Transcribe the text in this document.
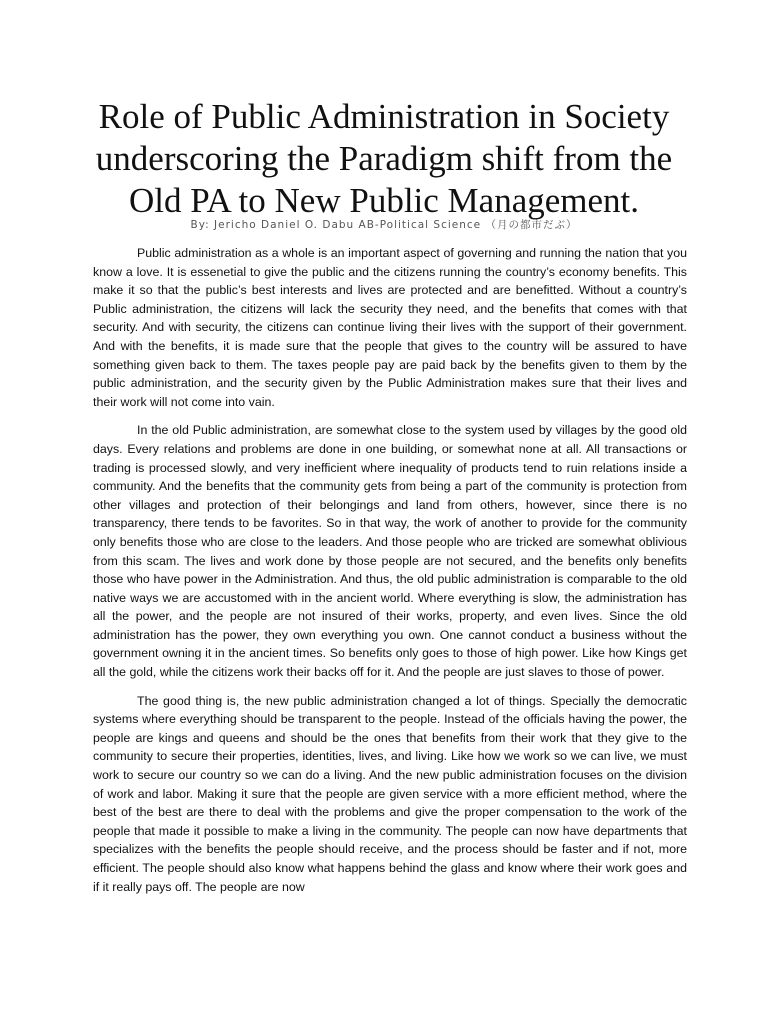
Role of Public Administration in Society
underscoring the Paradigm shift from the
Old PA to New Public Management.
By: Jericho Daniel O. Dabu AB-Political Science （月の都市だぶ）

Public administration as a whole is an important aspect of governing and running the nation that you know a love. It is essenetial to give the public and the citizens running the country’s economy benefits. This make it so that the public’s best interests and lives are protected and are benefitted. Without a country’s Public administration, the citizens will lack the security they need, and the benefits that comes with that security. And with security, the citizens can continue living their lives with the support of their government. And with the benefits, it is made sure that the people that gives to the country will be assured to have something given back to them. The taxes people pay are paid back by the benefits given to them by the public administration, and the security given by the Public Administration makes sure that their lives and their work will not come into vain.

In the old Public administration, are somewhat close to the system used by villages by the good old days. Every relations and problems are done in one building, or somewhat none at all. All transactions or trading is processed slowly, and very inefficient where inequality of products tend to ruin relations inside a community. And the benefits that the community gets from being a part of the community is protection from other villages and protection of their belongings and land from others, however, since there is no transparency, there tends to be favorites. So in that way, the work of another to provide for the community only benefits those who are close to the leaders. And those people who are tricked are somewhat oblivious from this scam. The lives and work done by those people are not secured, and the benefits only benefits those who have power in the Administration. And thus, the old public administration is comparable to the old native ways we are accustomed with in the ancient world. Where everything is slow, the administration has all the power, and the people are not insured of their works, property, and even lives. Since the old administration has the power, they own everything you own. One cannot conduct a business without the government owning it in the ancient times. So benefits only goes to those of high power. Like how Kings get all the gold, while the citizens work their backs off for it. And the people are just slaves to those of power.

The good thing is, the new public administration changed a lot of things. Specially the democratic systems where everything should be transparent to the people. Instead of the officials having the power, the people are kings and queens and should be the ones that benefits from their work that they give to the community to secure their properties, identities, lives, and living. Like how we work so we can live, we must work to secure our country so we can do a living. And the new public administration focuses on the division of work and labor. Making it sure that the people are given service with a more efficient method, where the best of the best are there to deal with the problems and give the proper compensation to the work of the people that made it possible to make a living in the community. The people can now have departments that specializes with the benefits the people should receive, and the process should be faster and if not, more efficient. The people should also know what happens behind the glass and know where their work goes and if it really pays off. The people are now
